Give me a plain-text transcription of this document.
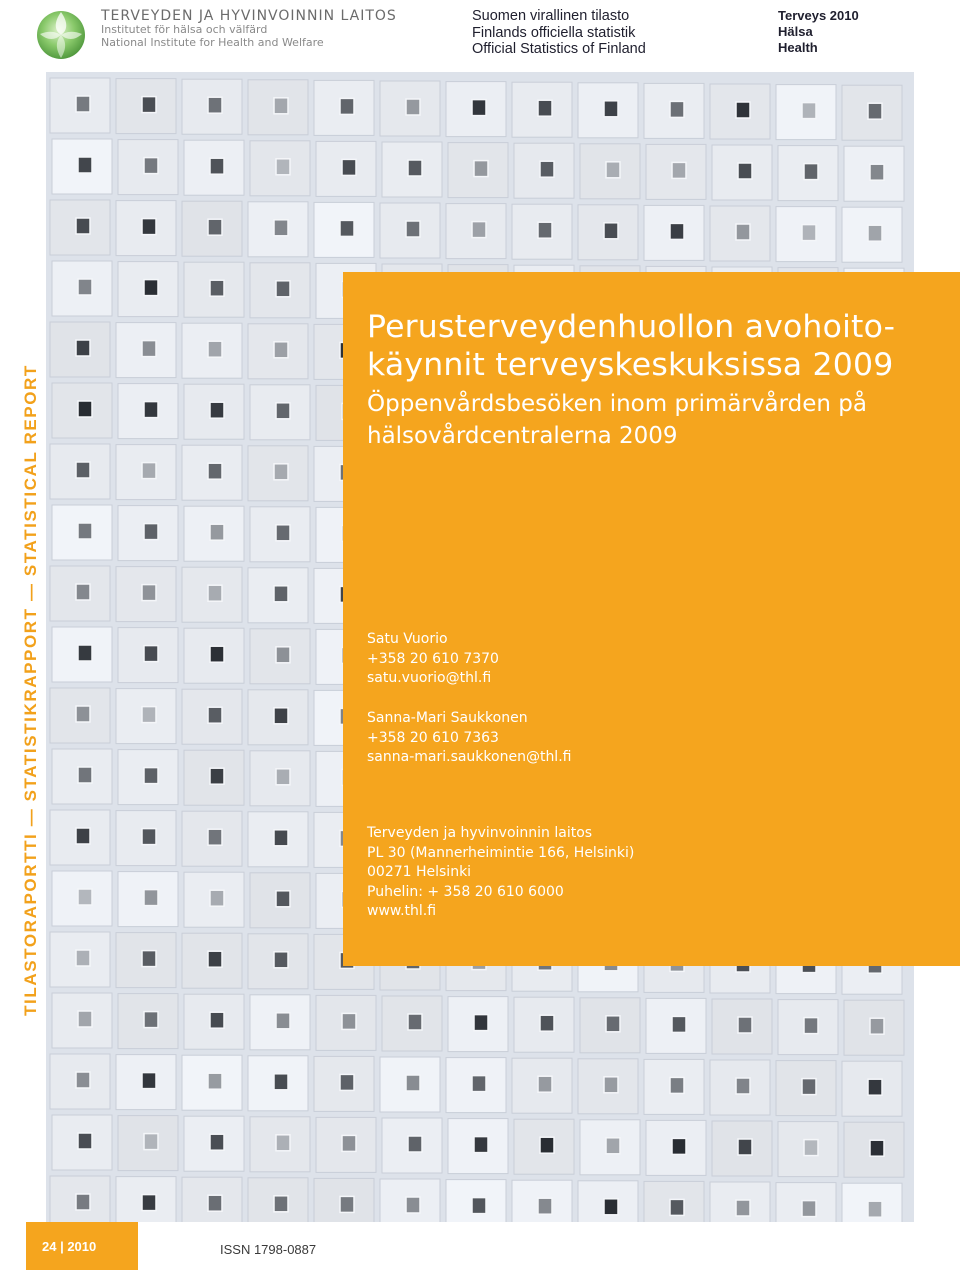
TERVEYDEN JA HYVINVOINNIN LAITOS
Institutet för hälsa och välfärd
National Institute for Health and Welfare
Suomen virallinen tilasto
Finlands officiella statistik
Official Statistics of Finland
Terveys 2010
Hälsa
Health
TILASTORAPORTTI — STATISTIKRAPPORT — STATISTICAL REPORT
Perusterveydenhuollon avohoito-käynnit terveyskeskuksissa 2009
Öppenvårdsbesöken inom primärvården på hälsovårdcentralerna 2009
Satu Vuorio
+358 20 610 7370
satu.vuorio@thl.fi
Sanna-Mari Saukkonen
+358 20 610 7363
sanna-mari.saukkonen@thl.fi
Terveyden ja hyvinvoinnin laitos
PL 30 (Mannerheimintie 166, Helsinki)
00271 Helsinki
Puhelin: + 358 20 610 6000
www.thl.fi
24 | 2010	ISSN 1798-0887
